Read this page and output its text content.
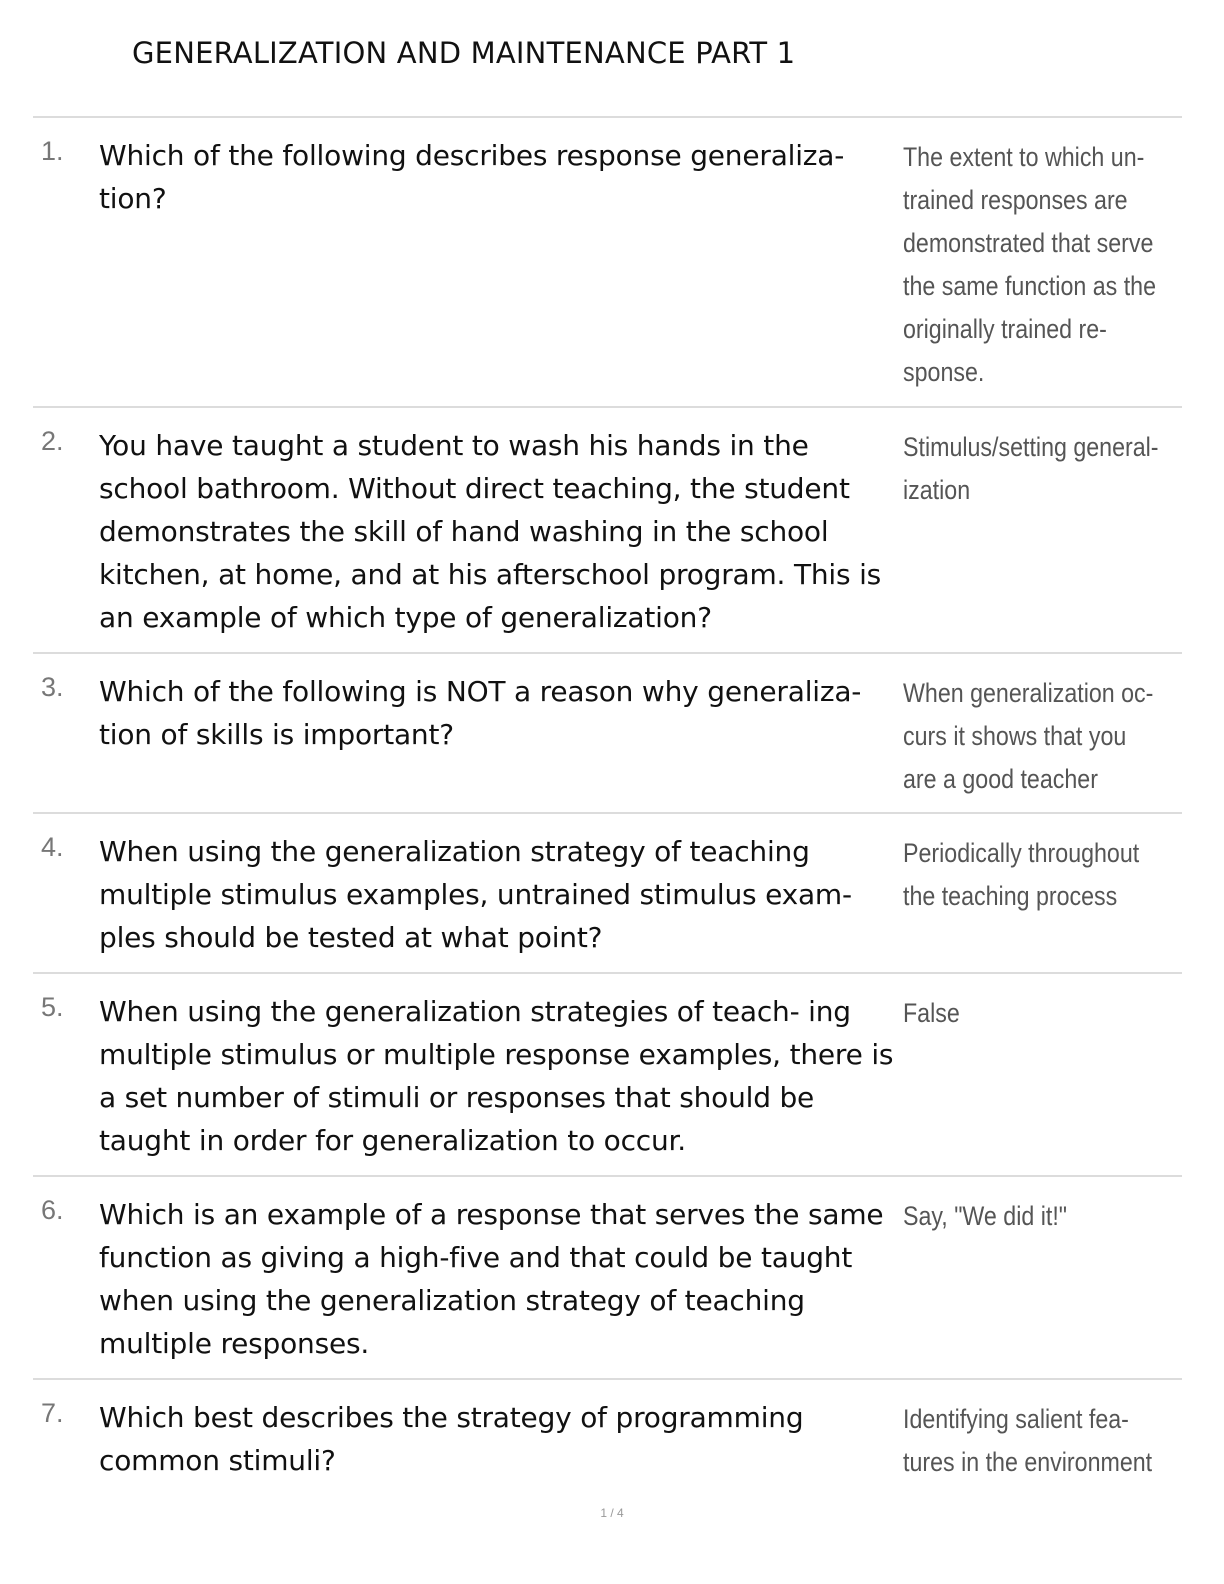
GENERALIZATION AND MAINTENANCE PART 1
1. Which of the following describes response generaliza- tion?
The extent to which un- trained responses are demonstrated that serve the same function as the originally trained re- sponse.
2. You have taught a student to wash his hands in the school bathroom. Without direct teaching, the student demonstrates the skill of hand washing in the school kitchen, at home, and at his afterschool program. This is an example of which type of generalization?
Stimulus/setting general- ization
3. Which of the following is NOT a reason why generaliza- tion of skills is important?
When generalization oc- curs it shows that you are a good teacher
4. When using the generalization strategy of teaching multiple stimulus examples, untrained stimulus exam- ples should be tested at what point?
Periodically throughout the teaching process
5. When using the generalization strategies of teach- ing multiple stimulus or multiple response examples, there is a set number of stimuli or responses that should be taught in order for generalization to occur.
False
6. Which is an example of a response that serves the same function as giving a high-five and that could be taught when using the generalization strategy of teaching multiple responses.
Say, "We did it!"
7. Which best describes the strategy of programming common stimuli?
Identifying salient fea- tures in the environment
1 / 4
